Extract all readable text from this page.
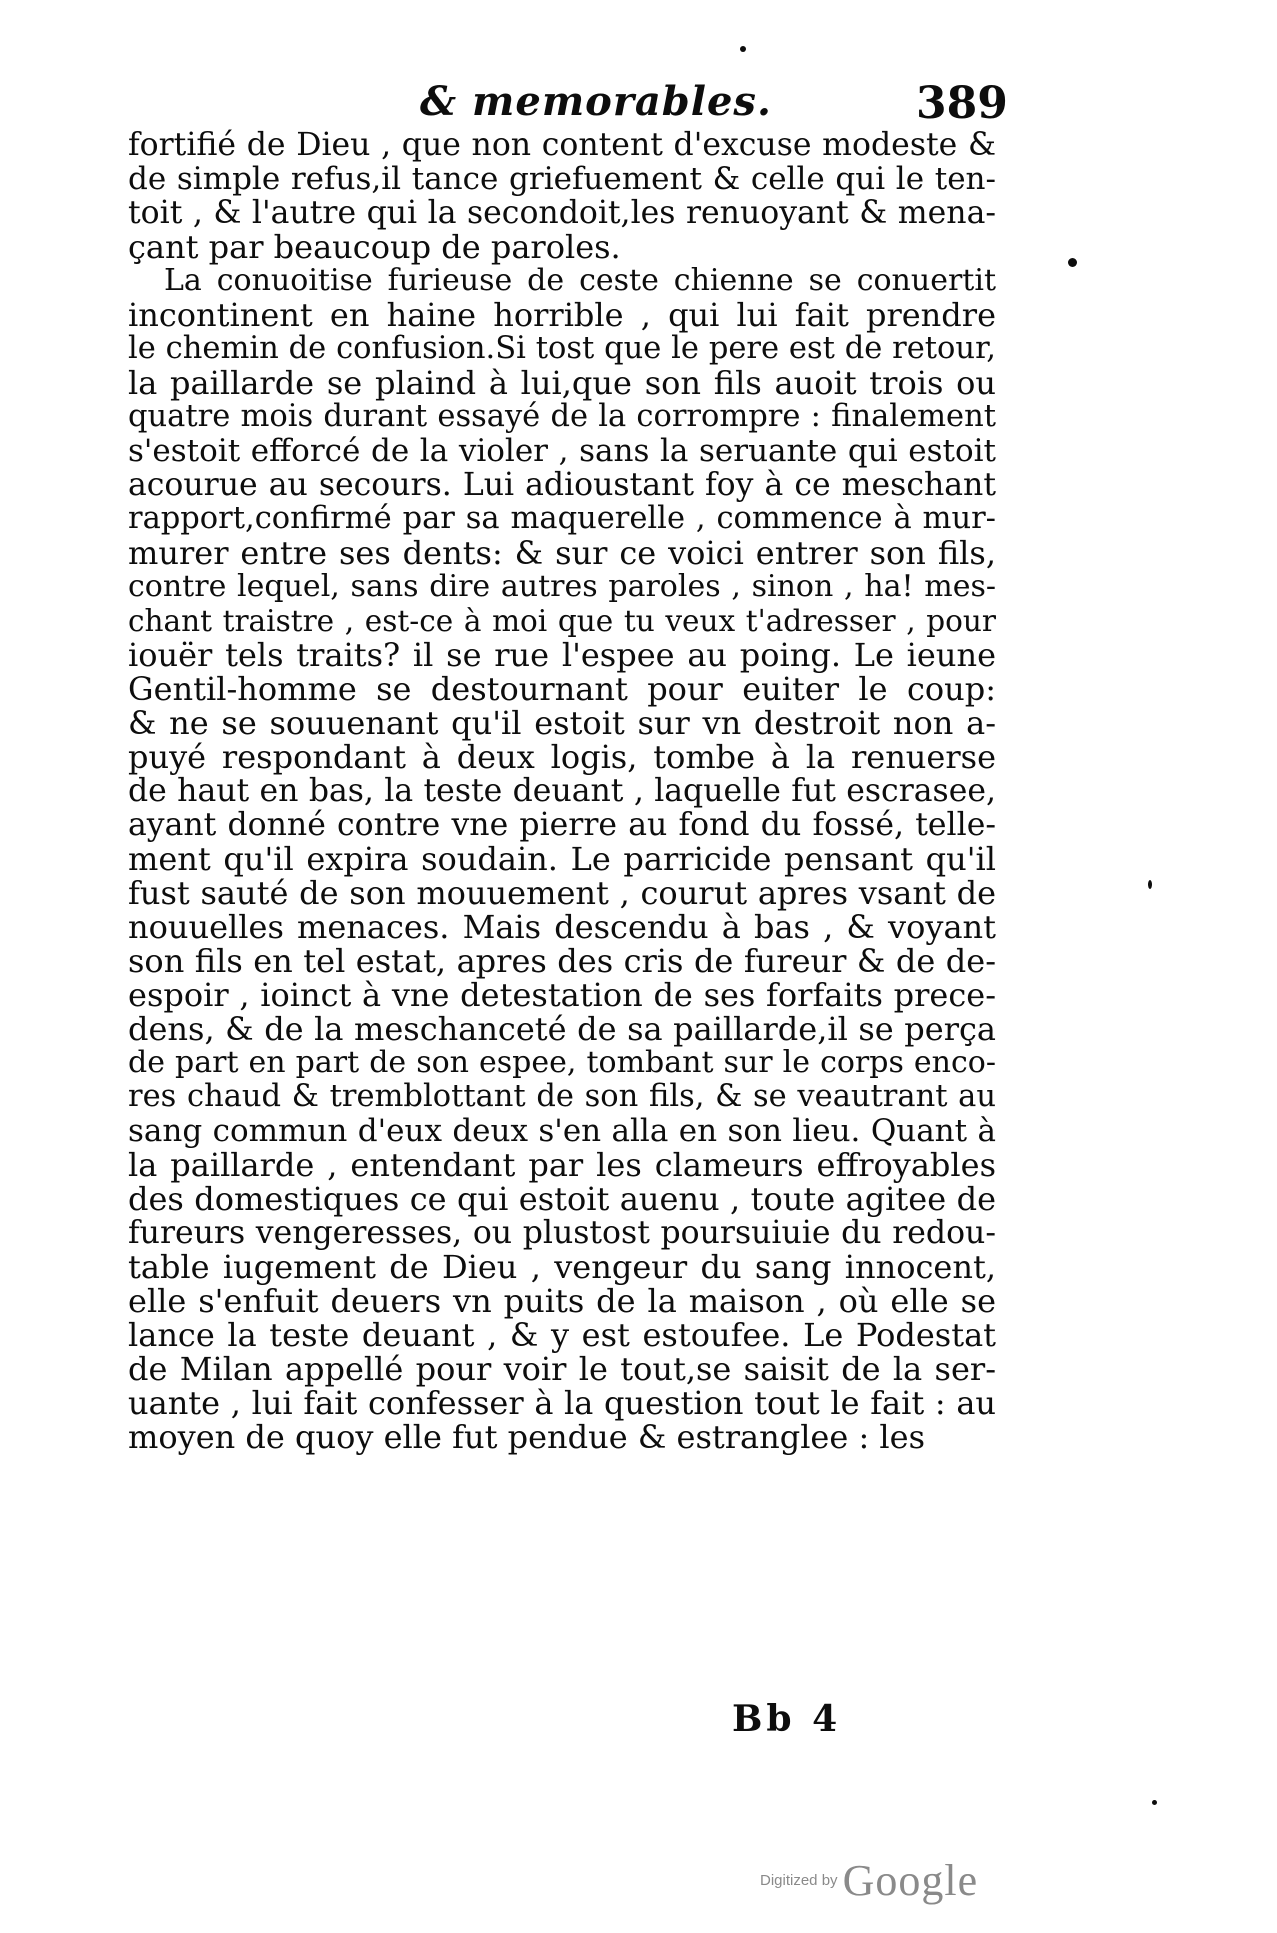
& memorables.	389
fortifié de Dieu , que non content d'excuse modeste &
de simple refus,il tance griefuement & celle qui le ten-
toit , & l'autre qui la secondoit,les renuoyant & mena-
çant par beaucoup de paroles.
La conuoitise furieuse de ceste chienne se conuertit
incontinent en haine horrible , qui lui fait prendre
le chemin de confusion.Si tost que le pere est de retour,
la paillarde se plaind à lui,que son fils auoit trois ou
quatre mois durant essayé de la corrompre : finalement
s'estoit efforcé de la violer , sans la seruante qui estoit
acourue au secours. Lui adioustant foy à ce meschant
rapport,confirmé par sa maquerelle , commence à mur-
murer entre ses dents: & sur ce voici entrer son fils,
contre lequel, sans dire autres paroles , sinon , ha! mes-
chant traistre , est-ce à moi que tu veux t'adresser , pour
iouër tels traits? il se rue l'espee au poing. Le ieune
Gentil-homme se destournant pour euiter le coup:
& ne se souuenant qu'il estoit sur vn destroit non a-
puyé respondant à deux logis, tombe à la renuerse
de haut en bas, la teste deuant , laquelle fut escrasee,
ayant donné contre vne pierre au fond du fossé, telle-
ment qu'il expira soudain. Le parricide pensant qu'il
fust sauté de son mouuement , courut apres vsant de
nouuelles menaces. Mais descendu à bas , & voyant
son fils en tel estat, apres des cris de fureur & de de-
espoir , ioinct à vne detestation de ses forfaits prece-
dens, & de la meschanceté de sa paillarde,il se perça
de part en part de son espee, tombant sur le corps enco-
res chaud & tremblottant de son fils, & se veautrant au
sang commun d'eux deux s'en alla en son lieu. Quant à
la paillarde , entendant par les clameurs effroyables
des domestiques ce qui estoit auenu , toute agitee de
fureurs vengeresses, ou plustost poursuiuie du redou-
table iugement de Dieu , vengeur du sang innocent,
elle s'enfuit deuers vn puits de la maison , où elle se
lance la teste deuant , & y est estoufee. Le Podestat
de Milan appellé pour voir le tout,se saisit de la ser-
uante , lui fait confesser à la question tout le fait : au
moyen de quoy elle fut pendue & estranglee : les
Bb 4
Digitized by Google
